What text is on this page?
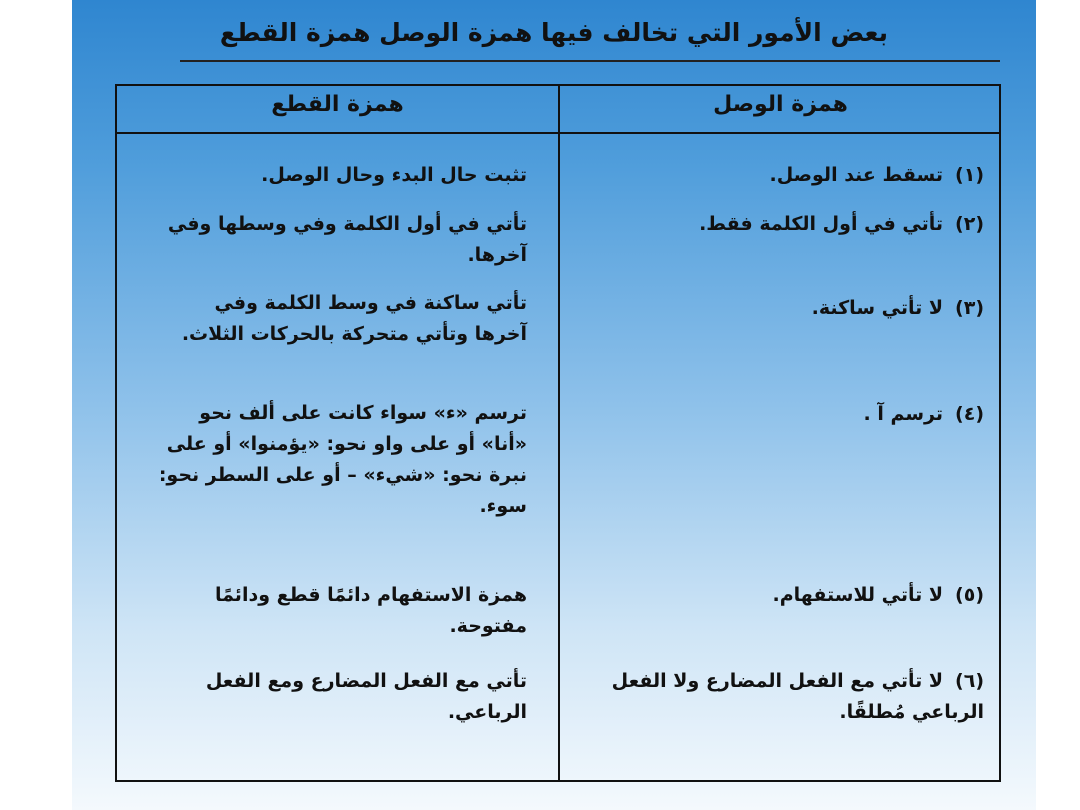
بعض الأمور التي تخالف فيها همزة الوصل همزة القطع
همزة الوصل
همزة القطع
(١)تسقط عند الوصل.
تثبت حال البدء وحال الوصل.
(٢)تأتي في أول الكلمة فقط.
تأتي في أول الكلمة وفي وسطها وفي آخرها.
(٣)لا تأتي ساكنة.
تأتي ساكنة في وسط الكلمة وفي آخرها وتأتي متحركة بالحركات الثلاث.
(٤)ترسم آ .
ترسم «ء» سواء كانت على ألف نحو «أنا» أو على واو نحو: «يؤمنوا» أو على نبرة نحو: «شيء» – أو على السطر نحو: سوء.
(٥)لا تأتي للاستفهام.
همزة الاستفهام دائمًا قطع ودائمًا مفتوحة.
(٦)لا تأتي مع الفعل المضارع ولا الفعل الرباعي مُطلقًا.
تأتي مع الفعل المضارع ومع الفعل الرباعي.
